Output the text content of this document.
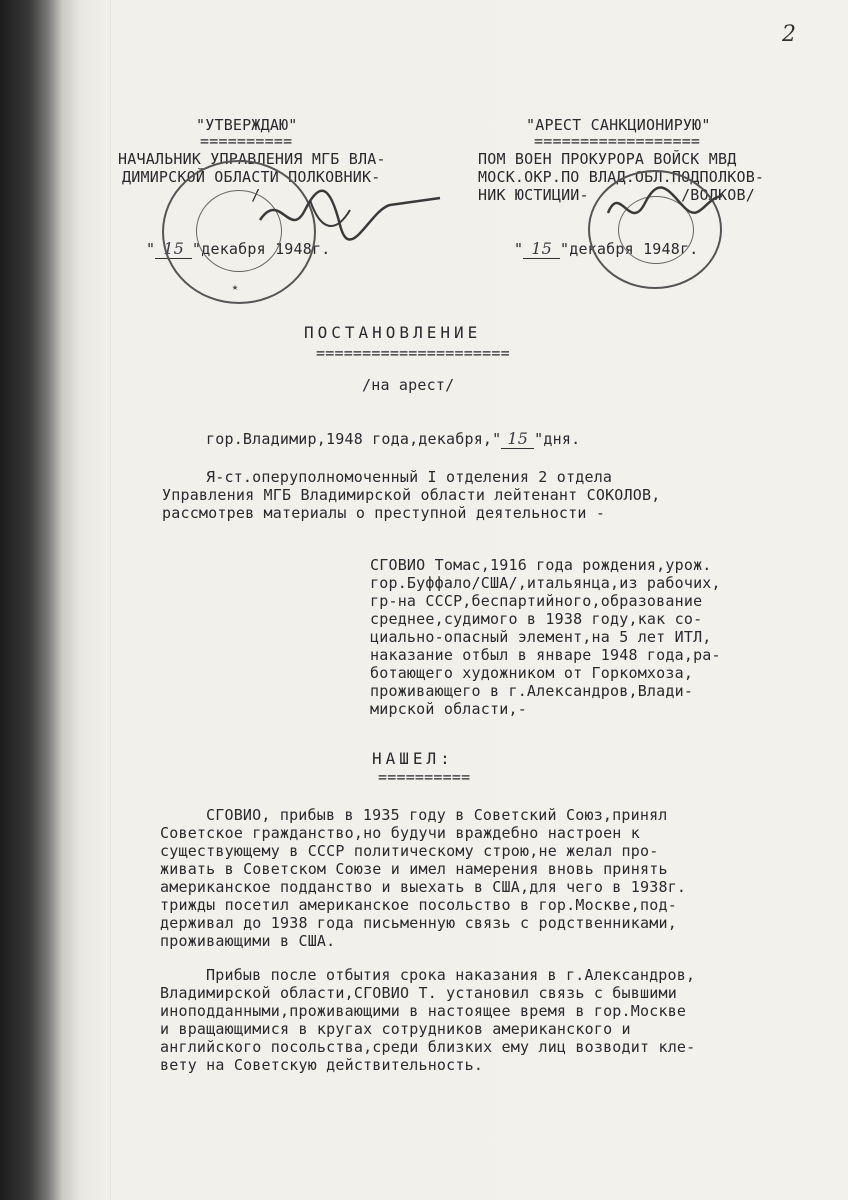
2
"УТВЕРЖДАЮ"
==========
НАЧАЛЬНИК УПРАВЛЕНИЯ МГБ ВЛА-
ДИМИРСКОЙ ОБЛАСТИ ПОЛКОВНИК-
/
" 15 "декабря 1948г.
★
"АРЕСТ САНКЦИОНИРУЮ"
==================
ПОМ ВОЕН ПРОКУРОРА ВОЙСК МВД
МОСК.ОКР.ПО ВЛАД.ОБЛ.ПОДПОЛКОВ-
НИК ЮСТИЦИИ-          /ВОЛКОВ/
" 15 "декабря 1948г.
ПОСТАНОВЛЕНИЕ
=====================
/на арест/
гор.Владимир,1948 года,декабря," 15 "дня.
Я-ст.оперуполномоченный I отделения 2 отдела
Управления МГБ Владимирской области лейтенант СОКОЛОВ,
рассмотрев материалы о преступной деятельности -
СГОВИО Томас,1916 года рождения,урож.
гор.Буффало/США/,итальянца,из рабочих,
гр-на СССР,беспартийного,образование
среднее,судимого в 1938 году,как со-
циально-опасный элемент,на 5 лет ИТЛ,
наказание отбыл в январе 1948 года,ра-
ботающего художником от Горкомхоза,
проживающего в г.Александров,Влади-
мирской области,-
НАШЕЛ:
==========
СГОВИО, прибыв в 1935 году в Советский Союз,принял
Советское гражданство,но будучи враждебно настроен к
существующему в СССР политическому строю,не желал про-
живать в Советском Союзе и имел намерения вновь принять
американское подданство и выехать в США,для чего в 1938г.
трижды посетил американское посольство в гор.Москве,под-
держивал до 1938 года письменную связь с родственниками,
проживающими в США.
Прибыв после отбытия срока наказания в г.Александров,
Владимирской области,СГОВИО Т. установил связь с бывшими
иноподданными,проживающими в настоящее время в гор.Москве
и вращающимися в кругах сотрудников американского и
английского посольства,среди близких ему лиц возводит кле-
вету на Советскую действительность.
